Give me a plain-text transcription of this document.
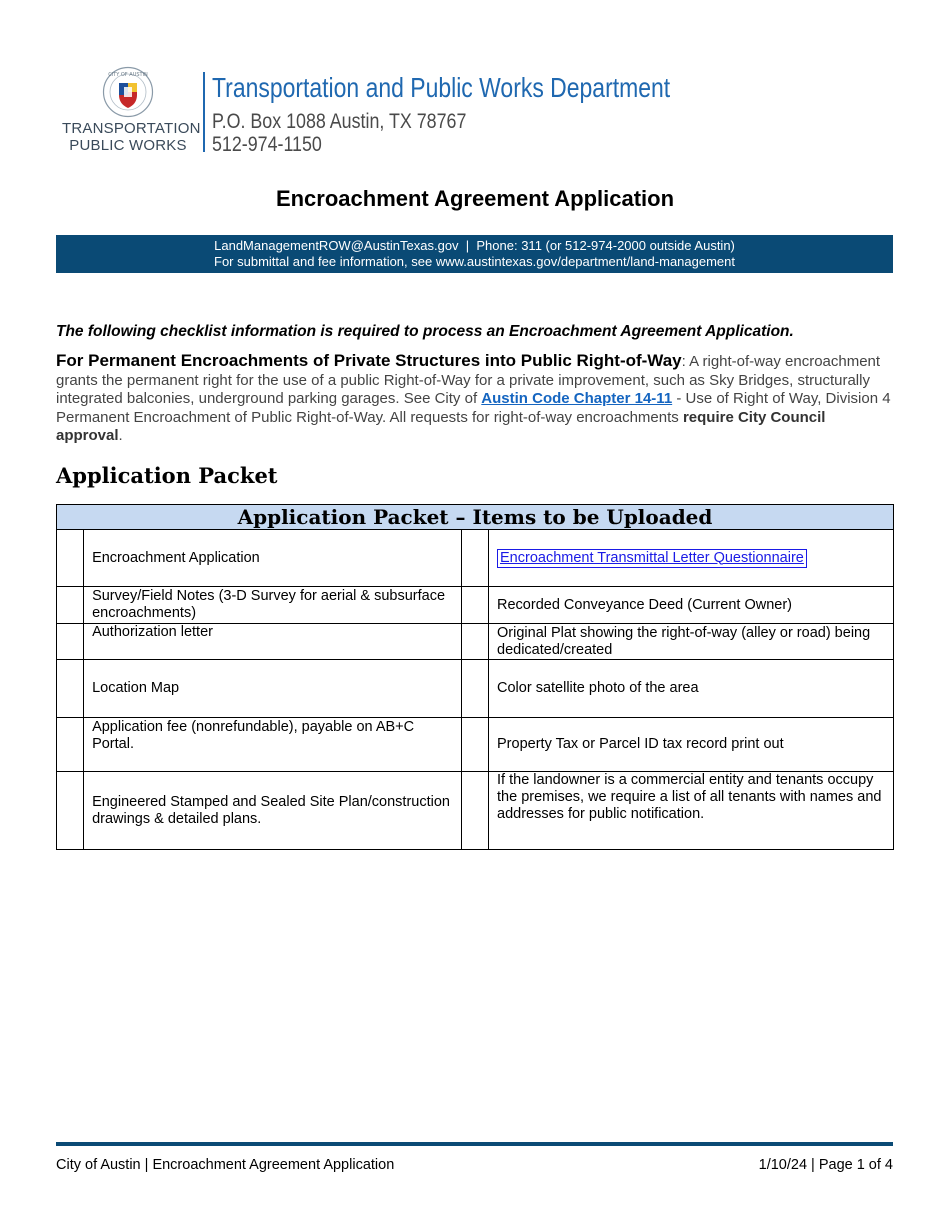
CITY OF AUSTIN
TRANSPORTATION
PUBLIC WORKS
Transportation and Public Works Department
P.O. Box 1088 Austin, TX 78767
512-974-1150
Encroachment Agreement Application
LandManagementROW@AustinTexas.gov  |  Phone: 311 (or 512-974-2000 outside Austin)
For submittal and fee information, see www.austintexas.gov/department/land-management
The following checklist information is required to process an Encroachment Agreement Application.
For Permanent Encroachments of Private Structures into Public Right-of-Way: A right-of-way encroachment grants the permanent right for the use of a public Right-of-Way for a private improvement, such as Sky Bridges, structurally integrated balconies, underground parking garages. See City of Austin Code Chapter 14-11 - Use of Right of Way, Division 4 Permanent Encroachment of Public Right-of-Way. All requests for right-of-way encroachments require City Council approval.
Application Packet
Application Packet – Items to be Uploaded			
	Encroachment Application		Encroachment Transmittal Letter Questionnaire
	Survey/Field Notes (3-D Survey for aerial & subsurface encroachments)		Recorded Conveyance Deed (Current Owner)
	Authorization letter		Original Plat showing the right-of-way (alley or road) being dedicated/created
	Location Map		Color satellite photo of the area
	Application fee (nonrefundable), payable on AB+C Portal.		Property Tax or Parcel ID tax record print out
	Engineered Stamped and Sealed Site Plan/construction drawings & detailed plans.		If the landowner is a commercial entity and tenants occupy the premises, we require a list of all tenants with names and addresses for public notification.
City of Austin | Encroachment Agreement Application	1/10/24 | Page 1 of 4
